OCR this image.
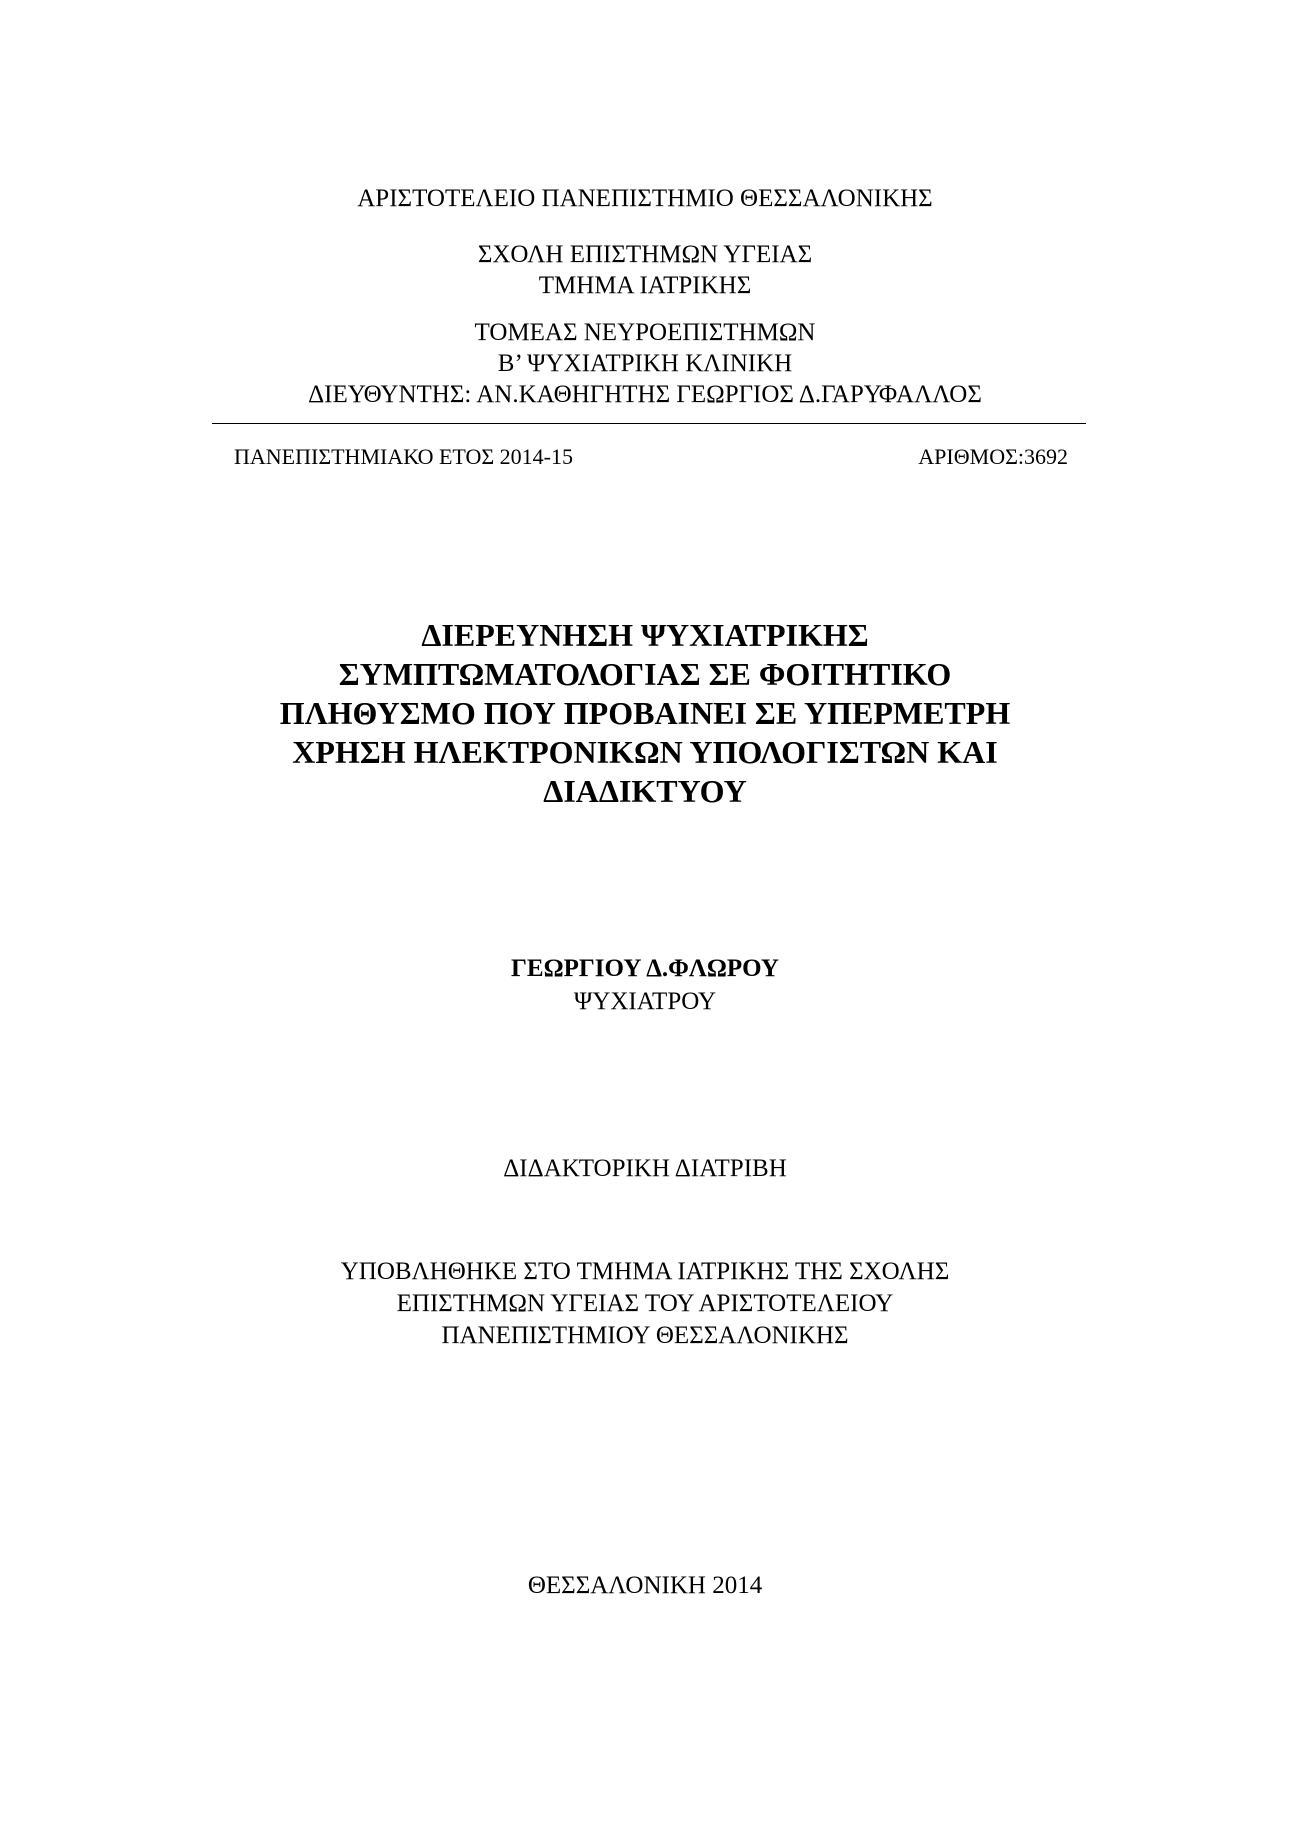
ΑΡΙΣΤΟΤΕΛΕΙΟ ΠΑΝΕΠΙΣΤΗΜΙΟ ΘΕΣΣΑΛΟΝΙΚΗΣ
ΣΧΟΛΗ ΕΠΙΣΤΗΜΩΝ ΥΓΕΙΑΣ
ΤΜΗΜΑ ΙΑΤΡΙΚΗΣ
ΤΟΜΕΑΣ ΝΕΥΡΟΕΠΙΣΤΗΜΩΝ
Β’ ΨΥΧΙΑΤΡΙΚΗ ΚΛΙΝΙΚΗ
ΔΙΕΥΘΥΝΤΗΣ: ΑΝ.ΚΑΘΗΓΗΤΗΣ ΓΕΩΡΓΙΟΣ Δ.ΓΑΡΥΦΑΛΛΟΣ
ΠΑΝΕΠΙΣΤΗΜΙΑΚΟ ΕΤΟΣ 2014-15	ΑΡΙΘΜΟΣ:3692
ΔΙΕΡΕΥΝΗΣΗ ΨΥΧΙΑΤΡΙΚΗΣ
ΣΥΜΠΤΩΜΑΤΟΛΟΓΙΑΣ ΣΕ ΦΟΙΤΗΤΙΚΟ
ΠΛΗΘΥΣΜΟ ΠΟΥ ΠΡΟΒΑΙΝΕΙ ΣΕ ΥΠΕΡΜΕΤΡΗ
ΧΡΗΣΗ ΗΛΕΚΤΡΟΝΙΚΩΝ ΥΠΟΛΟΓΙΣΤΩΝ ΚΑΙ
ΔΙΑΔΙΚΤΥΟΥ
ΓΕΩΡΓΙΟΥ Δ.ΦΛΩΡΟΥ
ΨΥΧΙΑΤΡΟΥ
ΔΙΔΑΚΤΟΡΙΚΗ ΔΙΑΤΡΙΒΗ
ΥΠΟΒΛΗΘΗΚΕ ΣΤΟ ΤΜΗΜΑ ΙΑΤΡΙΚΗΣ ΤΗΣ ΣΧΟΛΗΣ
ΕΠΙΣΤΗΜΩΝ ΥΓΕΙΑΣ ΤΟΥ ΑΡΙΣΤΟΤΕΛΕΙΟΥ
ΠΑΝΕΠΙΣΤΗΜΙΟΥ ΘΕΣΣΑΛΟΝΙΚΗΣ
ΘΕΣΣΑΛΟΝΙΚΗ 2014
